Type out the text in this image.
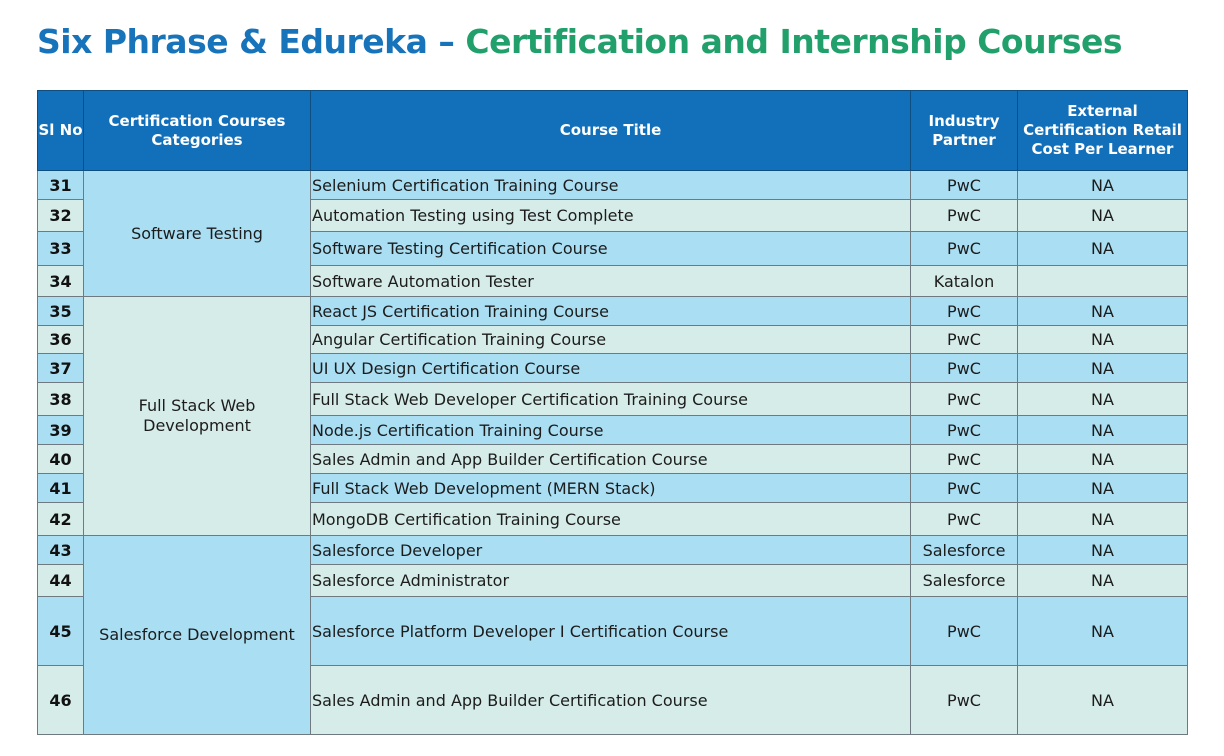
Six Phrase & Edureka – Certification and Internship Courses
Sl No	Certification Courses Categories	Course Title	Industry Partner	External Certification Retail Cost Per Learner
31	Software Testing	Selenium Certification Training Course	PwC	NA
32		Automation Testing using Test Complete	PwC	NA
33		Software Testing Certification Course	PwC	NA
34		Software Automation Tester	Katalon	
35	Full Stack Web Development	React JS Certification Training Course	PwC	NA
36		Angular Certification Training Course	PwC	NA
37		UI UX Design Certification Course	PwC	NA
38		Full Stack Web Developer Certification Training Course	PwC	NA
39		Node.js Certification Training Course	PwC	NA
40		Sales Admin and App Builder Certification Course	PwC	NA
41		Full Stack Web Development (MERN Stack)	PwC	NA
42		MongoDB Certification Training Course	PwC	NA
43	Salesforce Development	Salesforce Developer	Salesforce	NA
44		Salesforce Administrator	Salesforce	NA
45		Salesforce Platform Developer I Certification Course	PwC	NA
46		Sales Admin and App Builder Certification Course	PwC	NA
